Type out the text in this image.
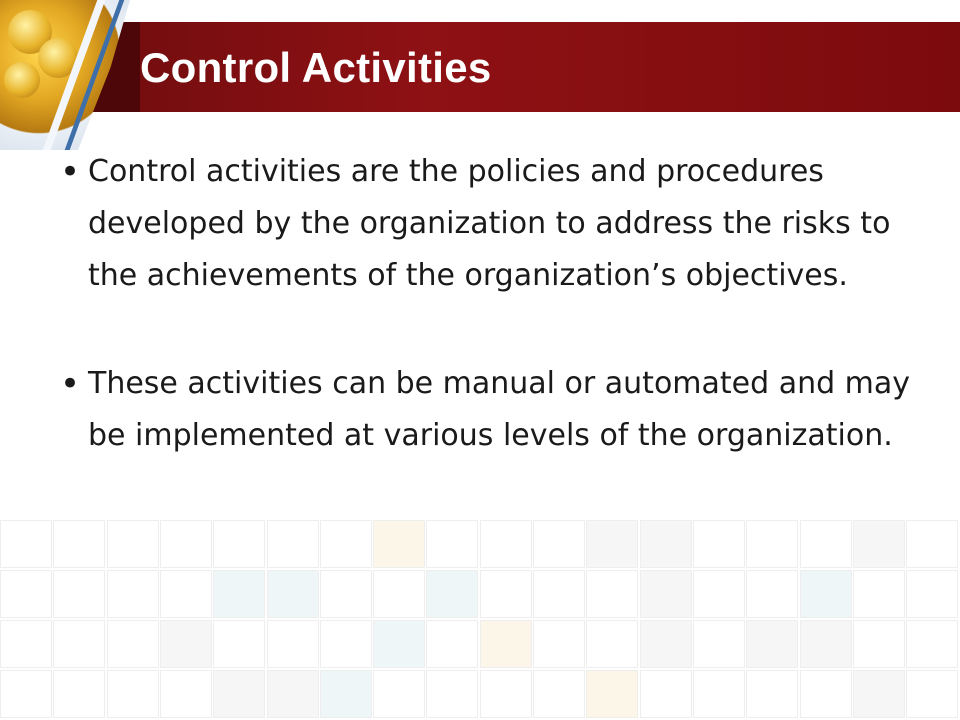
Control Activities
• Control activities are the policies and procedures developed by the organization to address the risks to the achievements of the organization’s objectives.
• These activities can be manual or automated and may be implemented at various levels of the organization.
